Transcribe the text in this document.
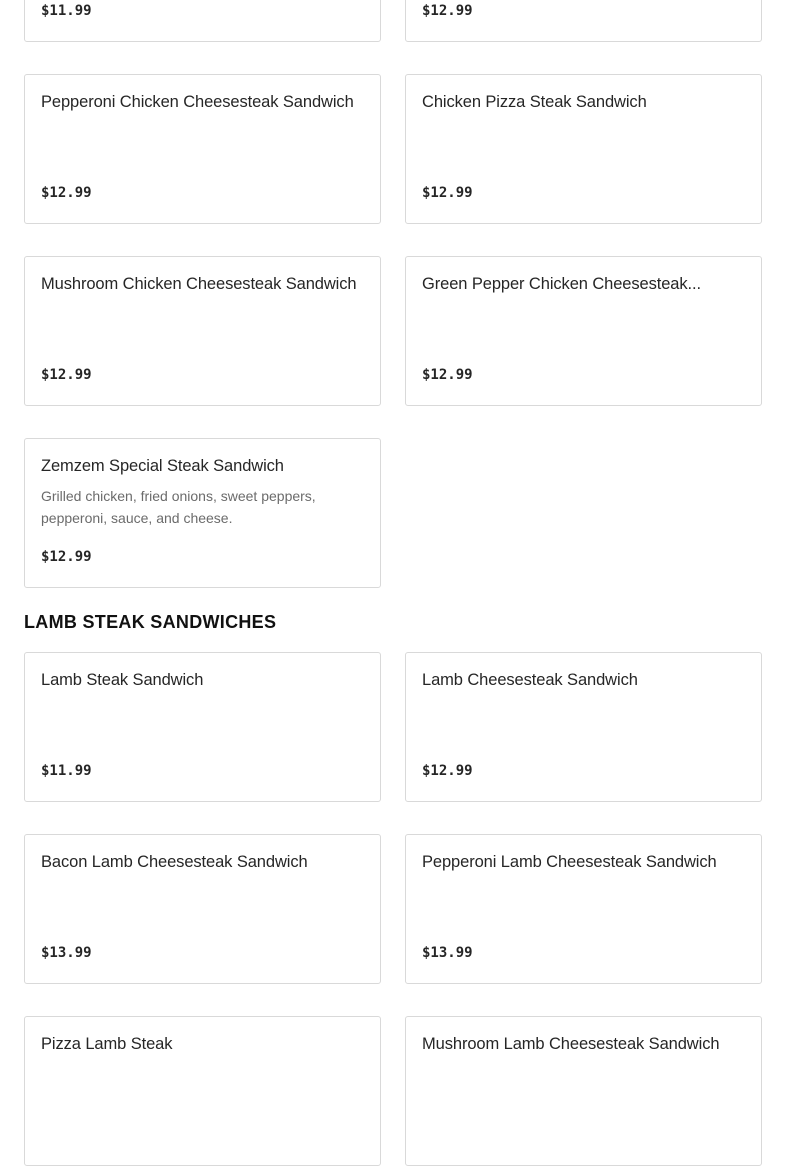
$11.99	$12.99
Pepperoni Chicken Cheesesteak Sandwich
$12.99
Chicken Pizza Steak Sandwich
$12.99
Mushroom Chicken Cheesesteak Sandwich
$12.99
Green Pepper Chicken Cheesesteak...
$12.99
Zemzem Special Steak Sandwich
Grilled chicken, fried onions, sweet peppers, pepperoni, sauce, and cheese.
$12.99
LAMB STEAK SANDWICHES
Lamb Steak Sandwich
$11.99
Lamb Cheesesteak Sandwich
$12.99
Bacon Lamb Cheesesteak Sandwich
$13.99
Pepperoni Lamb Cheesesteak Sandwich
$13.99
Pizza Lamb Steak	Mushroom Lamb Cheesesteak Sandwich
